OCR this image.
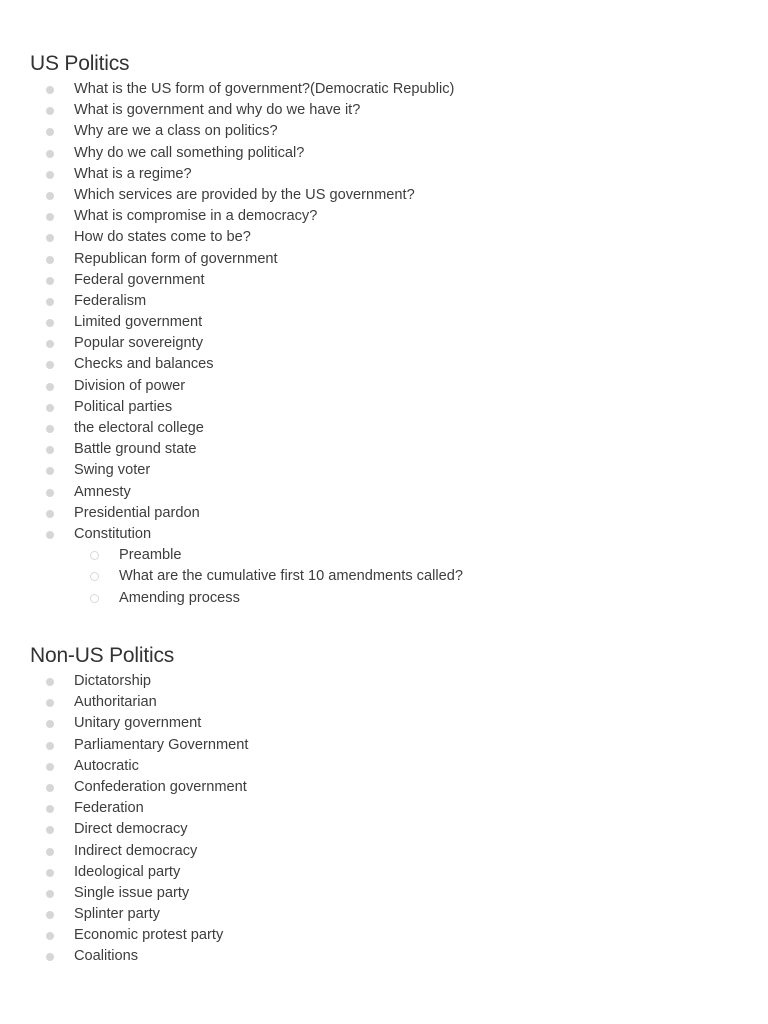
US Politics
What is the US form of government?(Democratic Republic)
What is government and why do we have it?
Why are we a class on politics?
Why do we call something political?
What is a regime?
Which services are provided by the US government?
What is compromise in a democracy?
How do states come to be?
Republican form of government
Federal government
Federalism
Limited government
Popular sovereignty
Checks and balances
Division of power
Political parties
the electoral college
Battle ground state
Swing voter
Amnesty
Presidential pardon
Constitution
Preamble
What are the cumulative first 10 amendments called?
Amending process
Non-US Politics
Dictatorship
Authoritarian
Unitary government
Parliamentary Government
Autocratic
Confederation government
Federation
Direct democracy
Indirect democracy
Ideological party
Single issue party
Splinter party
Economic protest party
Coalitions
